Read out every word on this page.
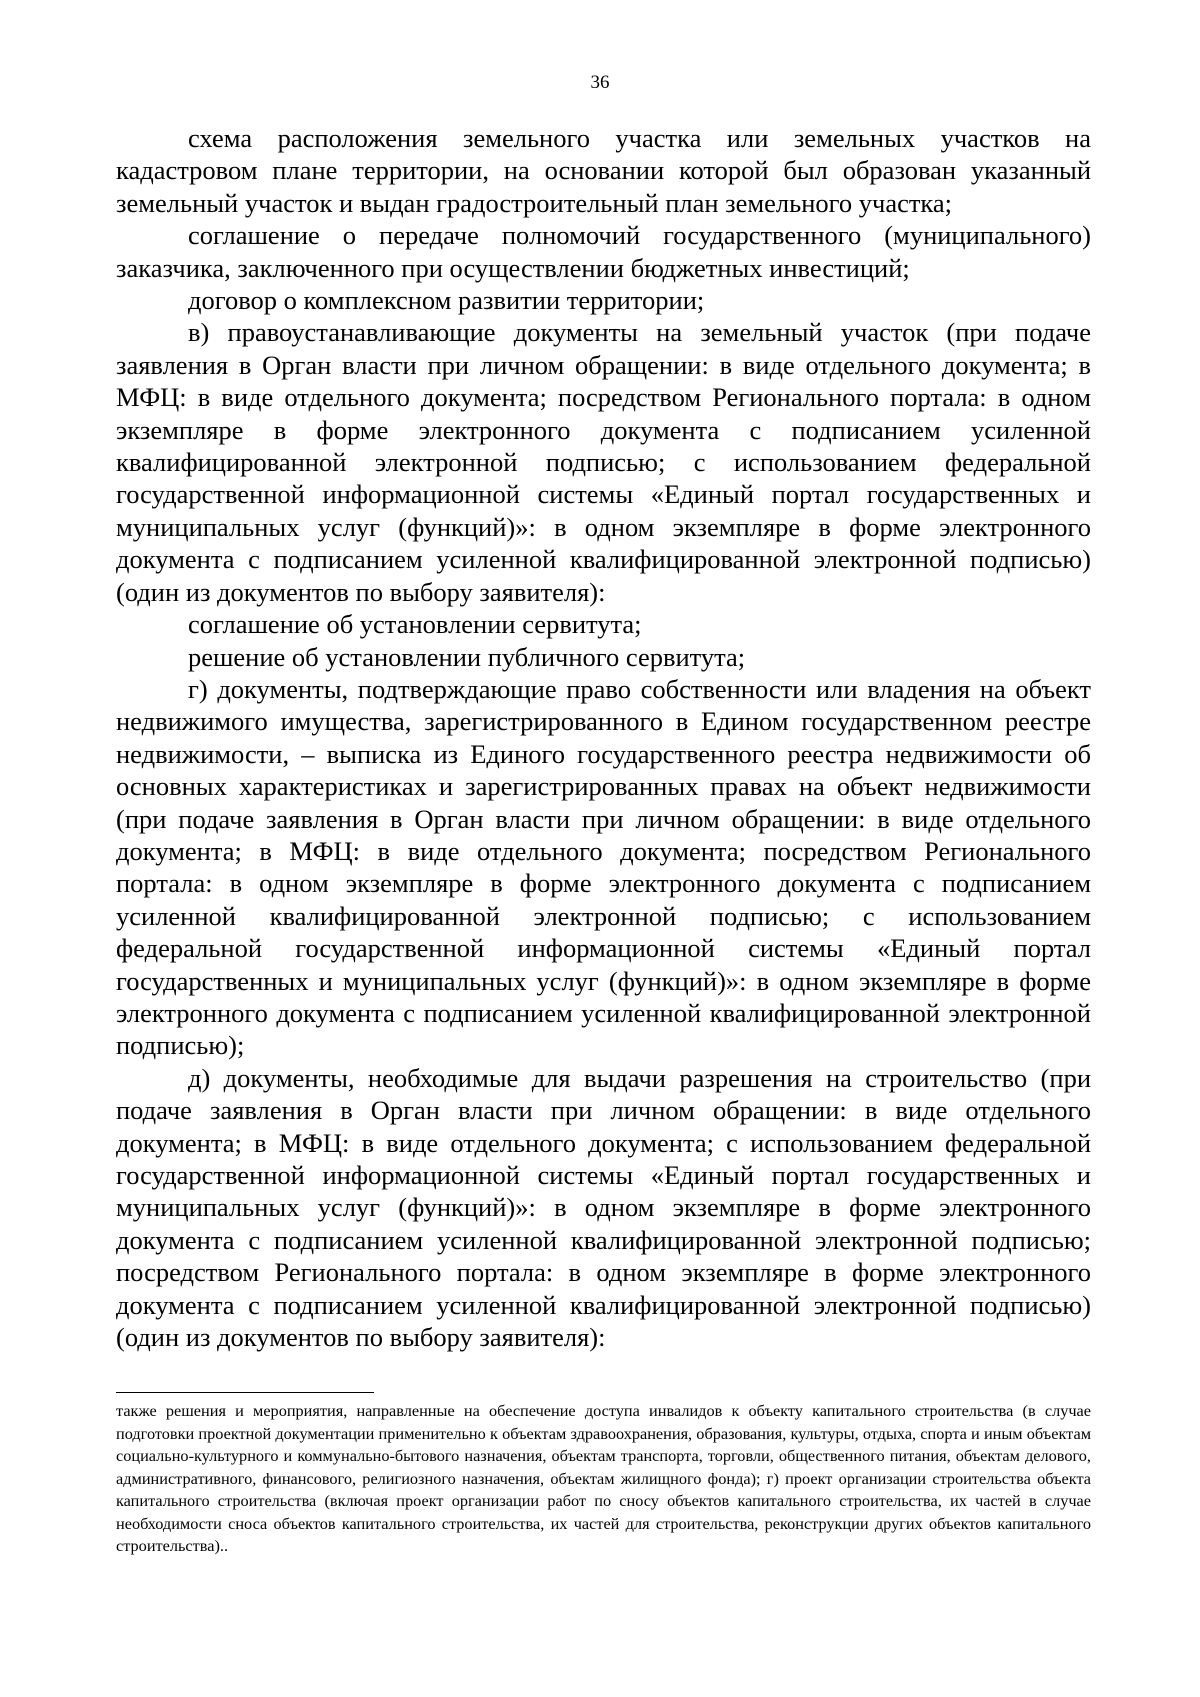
36

схема расположения земельного участка или земельных участков на кадастровом плане территории, на основании которой был образован указанный земельный участок и выдан градостроительный план земельного участка;

соглашение о передаче полномочий государственного (муниципального) заказчика, заключенного при осуществлении бюджетных инвестиций;

договор о комплексном развитии территории;

в) правоустанавливающие документы на земельный участок (при подаче заявления в Орган власти при личном обращении: в виде отдельного документа; в МФЦ: в виде отдельного документа; посредством Регионального портала: в одном экземпляре в форме электронного документа с подписанием усиленной квалифицированной электронной подписью; с использованием федеральной государственной информационной системы «Единый портал государственных и муниципальных услуг (функций)»: в одном экземпляре в форме электронного документа с подписанием усиленной квалифицированной электронной подписью) (один из документов по выбору заявителя):

соглашение об установлении сервитута;

решение об установлении публичного сервитута;

г) документы, подтверждающие право собственности или владения на объект недвижимого имущества, зарегистрированного в Едином государственном реестре недвижимости, – выписка из Единого государственного реестра недвижимости об основных характеристиках и зарегистрированных правах на объект недвижимости (при подаче заявления в Орган власти при личном обращении: в виде отдельного документа; в МФЦ: в виде отдельного документа; посредством Регионального портала: в одном экземпляре в форме электронного документа с подписанием усиленной квалифицированной электронной подписью; с использованием федеральной государственной информационной системы «Единый портал государственных и муниципальных услуг (функций)»: в одном экземпляре в форме электронного документа с подписанием усиленной квалифицированной электронной подписью);

д) документы, необходимые для выдачи разрешения на строительство (при подаче заявления в Орган власти при личном обращении: в виде отдельного документа; в МФЦ: в виде отдельного документа; с использованием федеральной государственной информационной системы «Единый портал государственных и муниципальных услуг (функций)»: в одном экземпляре в форме электронного документа с подписанием усиленной квалифицированной электронной подписью; посредством Регионального портала: в одном экземпляре в форме электронного документа с подписанием усиленной квалифицированной электронной подписью) (один из документов по выбору заявителя):

также решения и мероприятия, направленные на обеспечение доступа инвалидов к объекту капитального строительства (в случае подготовки проектной документации применительно к объектам здравоохранения, образования, культуры, отдыха, спорта и иным объектам социально-культурного и коммунально-бытового назначения, объектам транспорта, торговли, общественного питания, объектам делового, административного, финансового, религиозного назначения, объектам жилищного фонда); г) проект организации строительства объекта капитального строительства (включая проект организации работ по сносу объектов капитального строительства, их частей в случае необходимости сноса объектов капитального строительства, их частей для строительства, реконструкции других объектов капитального строительства)..
